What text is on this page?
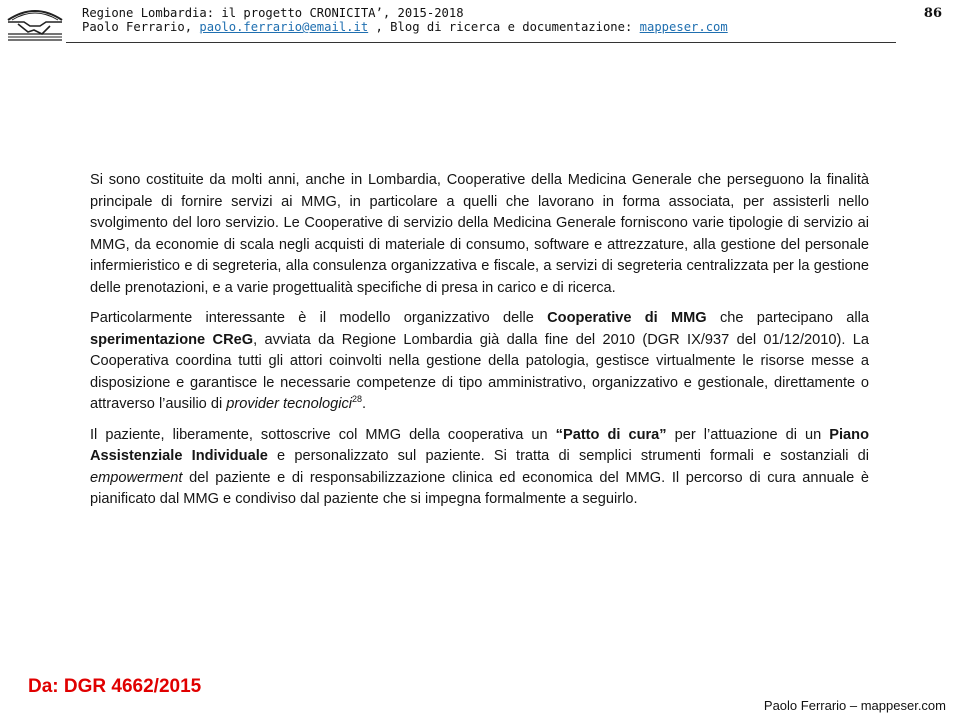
Regione Lombardia: il progetto CRONICITA’, 2015-2018
Paolo Ferrario, paolo.ferrario@email.it , Blog di ricerca e documentazione: mappeser.com
86

Si sono costituite da molti anni, anche in Lombardia, Cooperative della Medicina Generale che perseguono la finalità principale di fornire servizi ai MMG, in particolare a quelli che lavorano in forma associata, per assisterli nello svolgimento del loro servizio. Le Cooperative di servizio della Medicina Generale forniscono varie tipologie di servizio ai MMG, da economie di scala negli acquisti di materiale di consumo, software e attrezzature, alla gestione del personale infermieristico e di segreteria, alla consulenza organizzativa e fiscale, a servizi di segreteria centralizzata per la gestione delle prenotazioni, e a varie progettualità specifiche di presa in carico e di ricerca.

Particolarmente interessante è il modello organizzativo delle Cooperative di MMG che partecipano alla sperimentazione CReG, avviata da Regione Lombardia già dalla fine del 2010 (DGR IX/937 del 01/12/2010). La Cooperativa coordina tutti gli attori coinvolti nella gestione della patologia, gestisce virtualmente le risorse messe a disposizione e garantisce le necessarie competenze di tipo amministrativo, organizzativo e gestionale, direttamente o attraverso l’ausilio di provider tecnologici$^{28}$.

Il paziente, liberamente, sottoscrive col MMG della cooperativa un “Patto di cura” per l’attuazione di un Piano Assistenziale Individuale e personalizzato sul paziente. Si tratta di semplici strumenti formali e sostanziali di empowerment del paziente e di responsabilizzazione clinica ed economica del MMG. Il percorso di cura annuale è pianificato dal MMG e condiviso dal paziente che si impegna formalmente a seguirlo.

Da: DGR 4662/2015
Paolo Ferrario – mappeser.com
